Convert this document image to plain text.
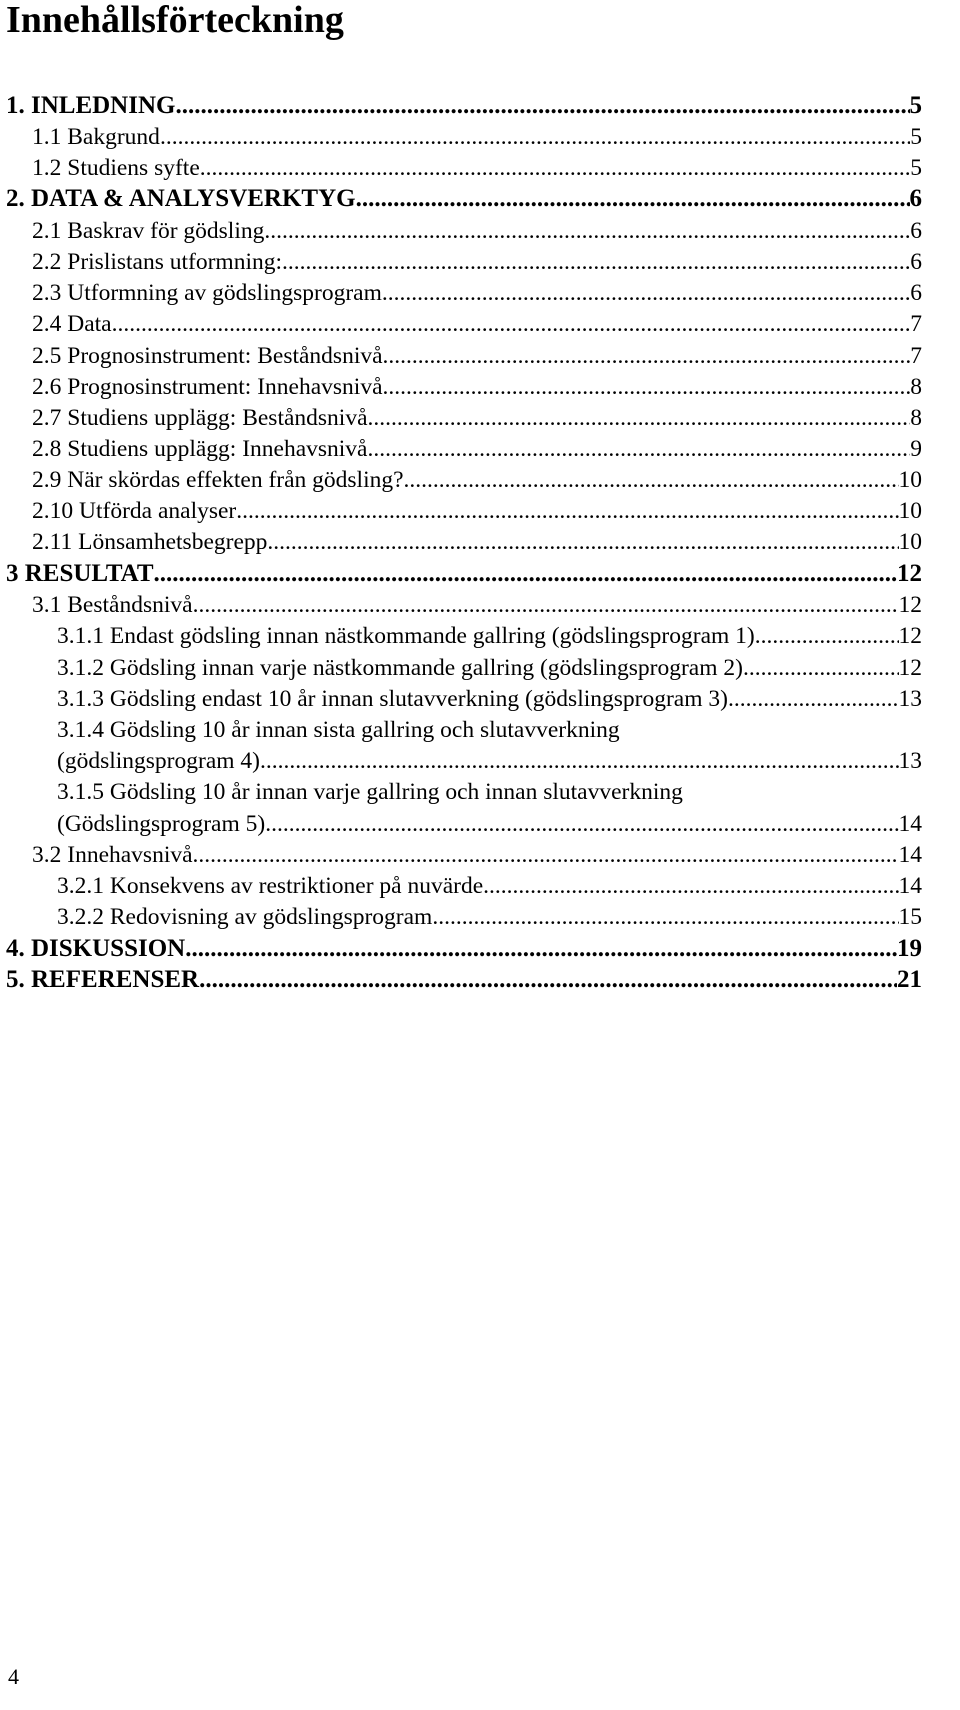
Innehållsförteckning
1. INLEDNING .....	5
1.1 Bakgrund .....	5
1.2 Studiens syfte .....	5
2. DATA & ANALYSVERKTYG .....	6
2.1 Baskrav för gödsling .....	6
2.2 Prislistans utformning: .....	6
2.3 Utformning av gödslingsprogram .....	6
2.4 Data .....	7
2.5 Prognosinstrument: Beståndsnivå .....	7
2.6 Prognosinstrument: Innehavsnivå .....	8
2.7 Studiens upplägg: Beståndsnivå .....	8
2.8 Studiens upplägg: Innehavsnivå .....	9
2.9 När skördas effekten från gödsling? .....	10
2.10 Utförda analyser .....	10
2.11 Lönsamhetsbegrepp .....	10
3 RESULTAT .....	12
3.1 Beståndsnivå .....	12
3.1.1 Endast gödsling innan nästkommande gallring (gödslingsprogram 1) .....	12
3.1.2 Gödsling innan varje nästkommande gallring (gödslingsprogram 2) .....	12
3.1.3 Gödsling endast 10 år innan slutavverkning (gödslingsprogram 3) .....	13
3.1.4 Gödsling 10 år innan sista gallring och slutavverkning
(gödslingsprogram 4) .....	13
3.1.5 Gödsling 10 år innan varje gallring och innan slutavverkning
(Gödslingsprogram 5) .....	14
3.2 Innehavsnivå .....	14
3.2.1 Konsekvens av restriktioner på nuvärde .....	14
3.2.2 Redovisning av gödslingsprogram .....	15
4. DISKUSSION .....	19
5. REFERENSER .....	21
4
